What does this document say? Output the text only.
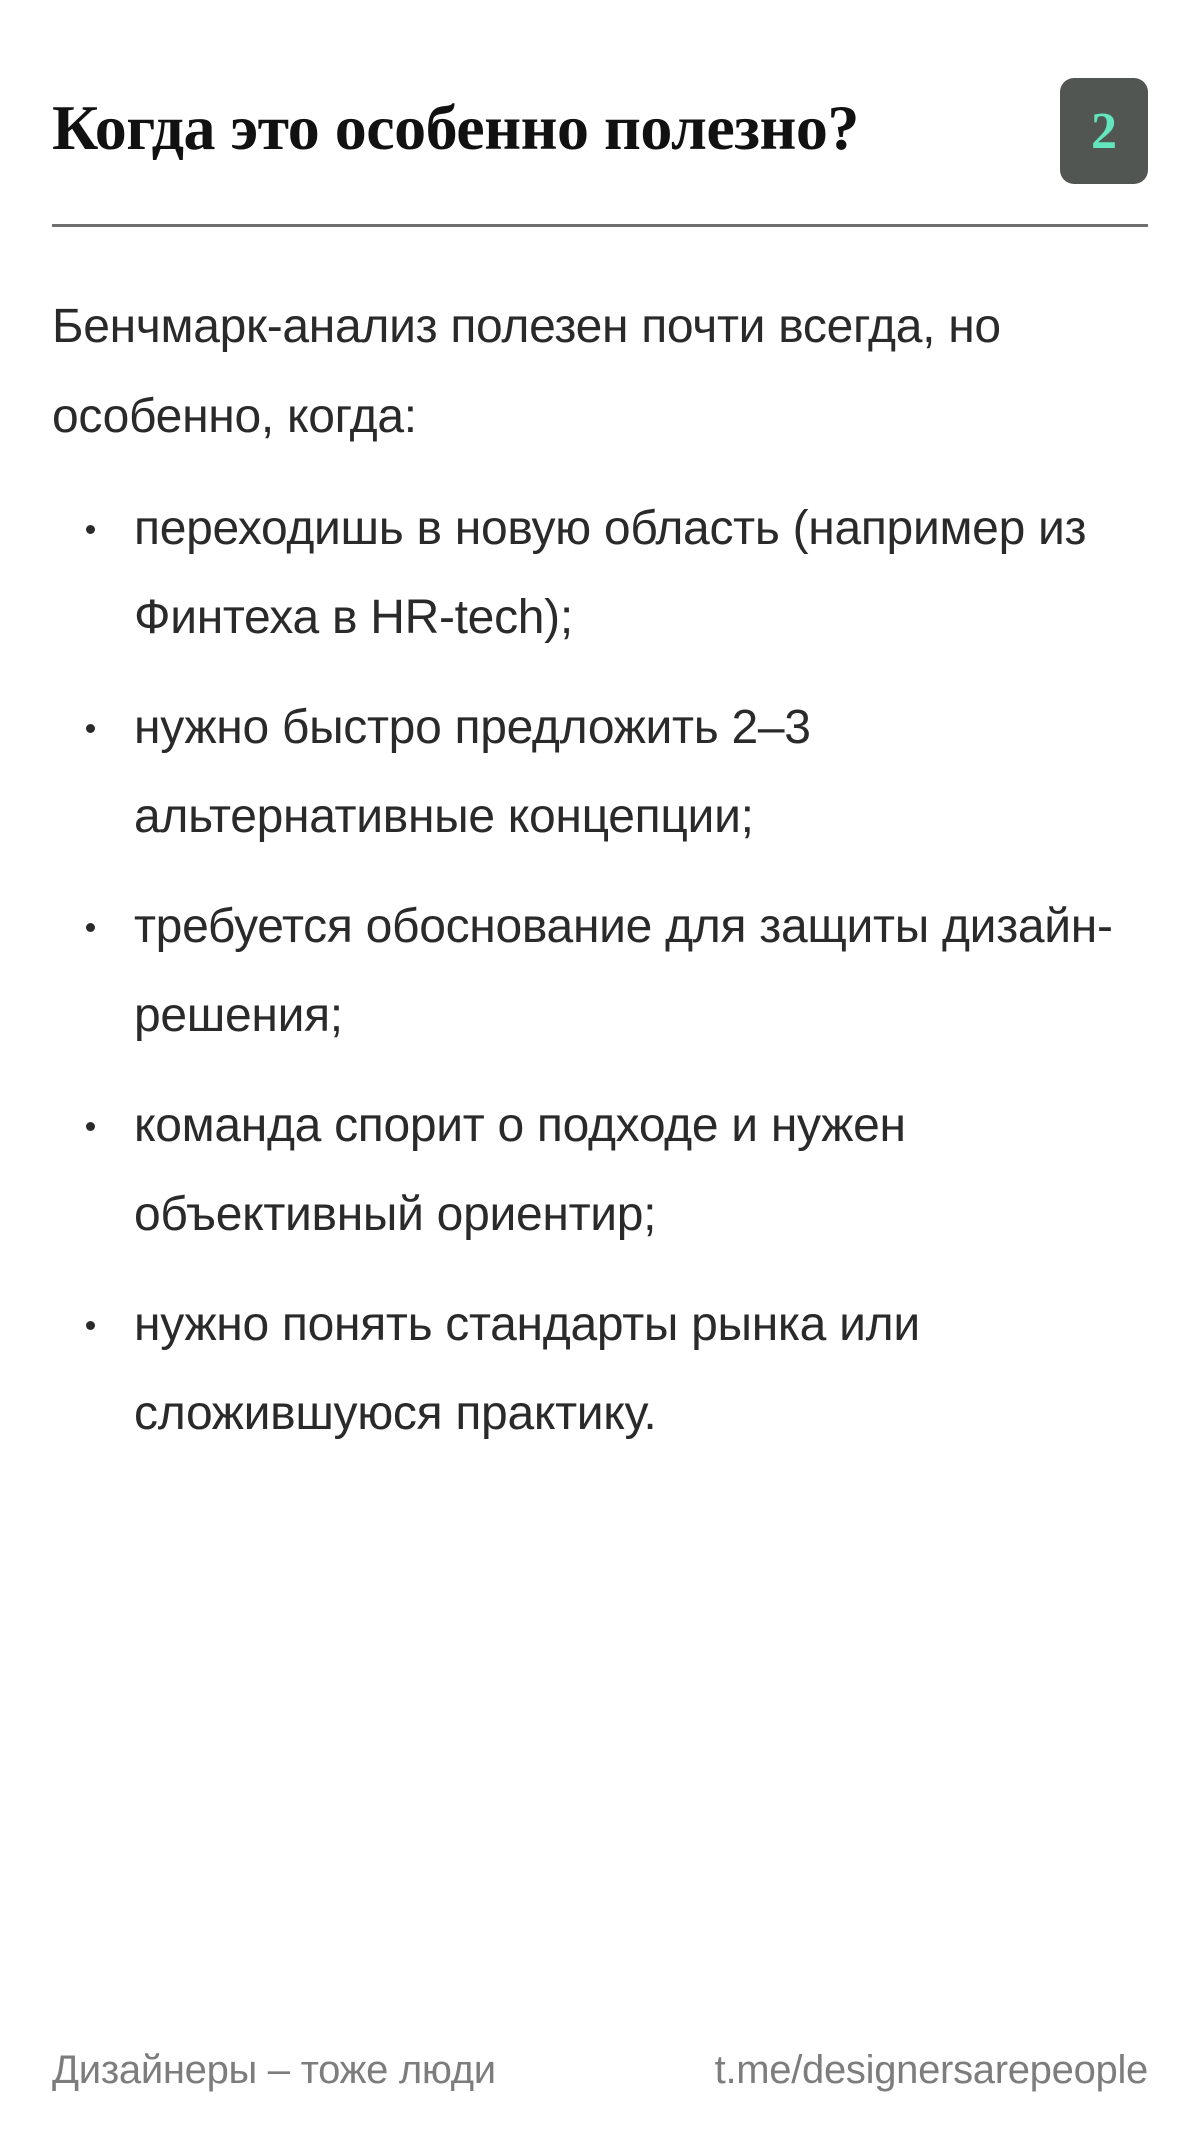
Когда это особенно полезно?	2

Бенчмарк-анализ полезен почти всегда, но особенно, когда:

переходишь в новую область (например из Финтеха в HR-tech);
нужно быстро предложить 2–3 альтернативные концепции;
требуется обоснование для защиты дизайн-решения;
команда спорит о подходе и нужен объективный ориентир;
нужно понять стандарты рынка или сложившуюся практику.
Дизайнеры – тоже люди	t.me/designersarepeople
